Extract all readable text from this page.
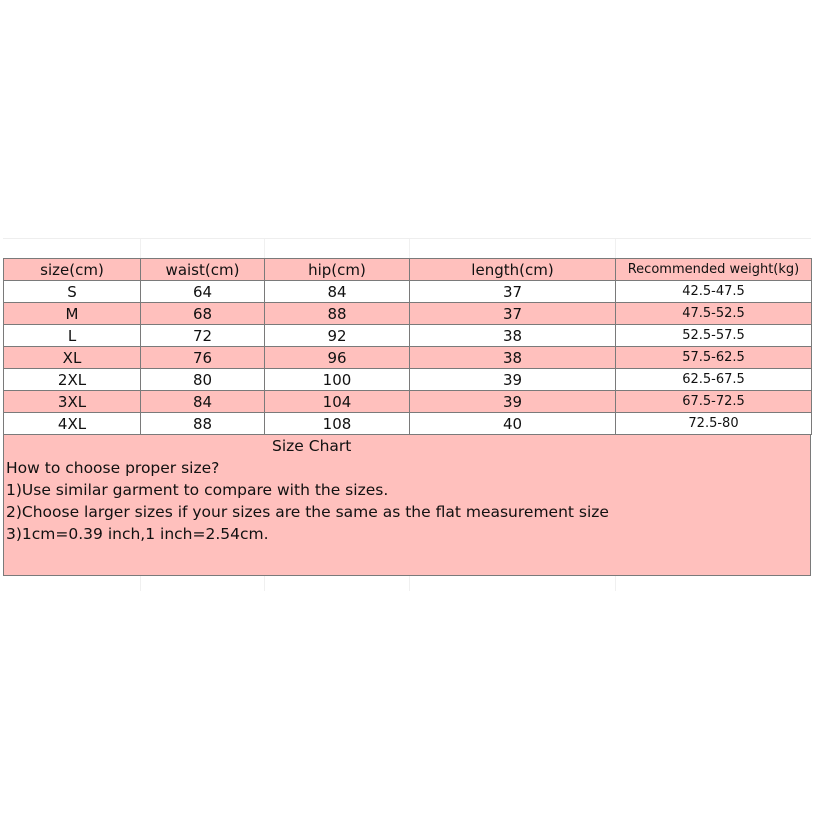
size(cm)	waist(cm)	hip(cm)	length(cm)	Recommended weight(kg)
S	64	84	37	42.5-47.5
M	68	88	37	47.5-52.5
L	72	92	38	52.5-57.5
XL	76	96	38	57.5-62.5
2XL	80	100	39	62.5-67.5
3XL	84	104	39	67.5-72.5
4XL	88	108	40	72.5-80
Size Chart
How to choose proper size?
1)Use similar garment to compare with the sizes.
2)Choose larger sizes if your sizes are the same as the flat measurement size
3)1cm=0.39 inch,1 inch=2.54cm.
